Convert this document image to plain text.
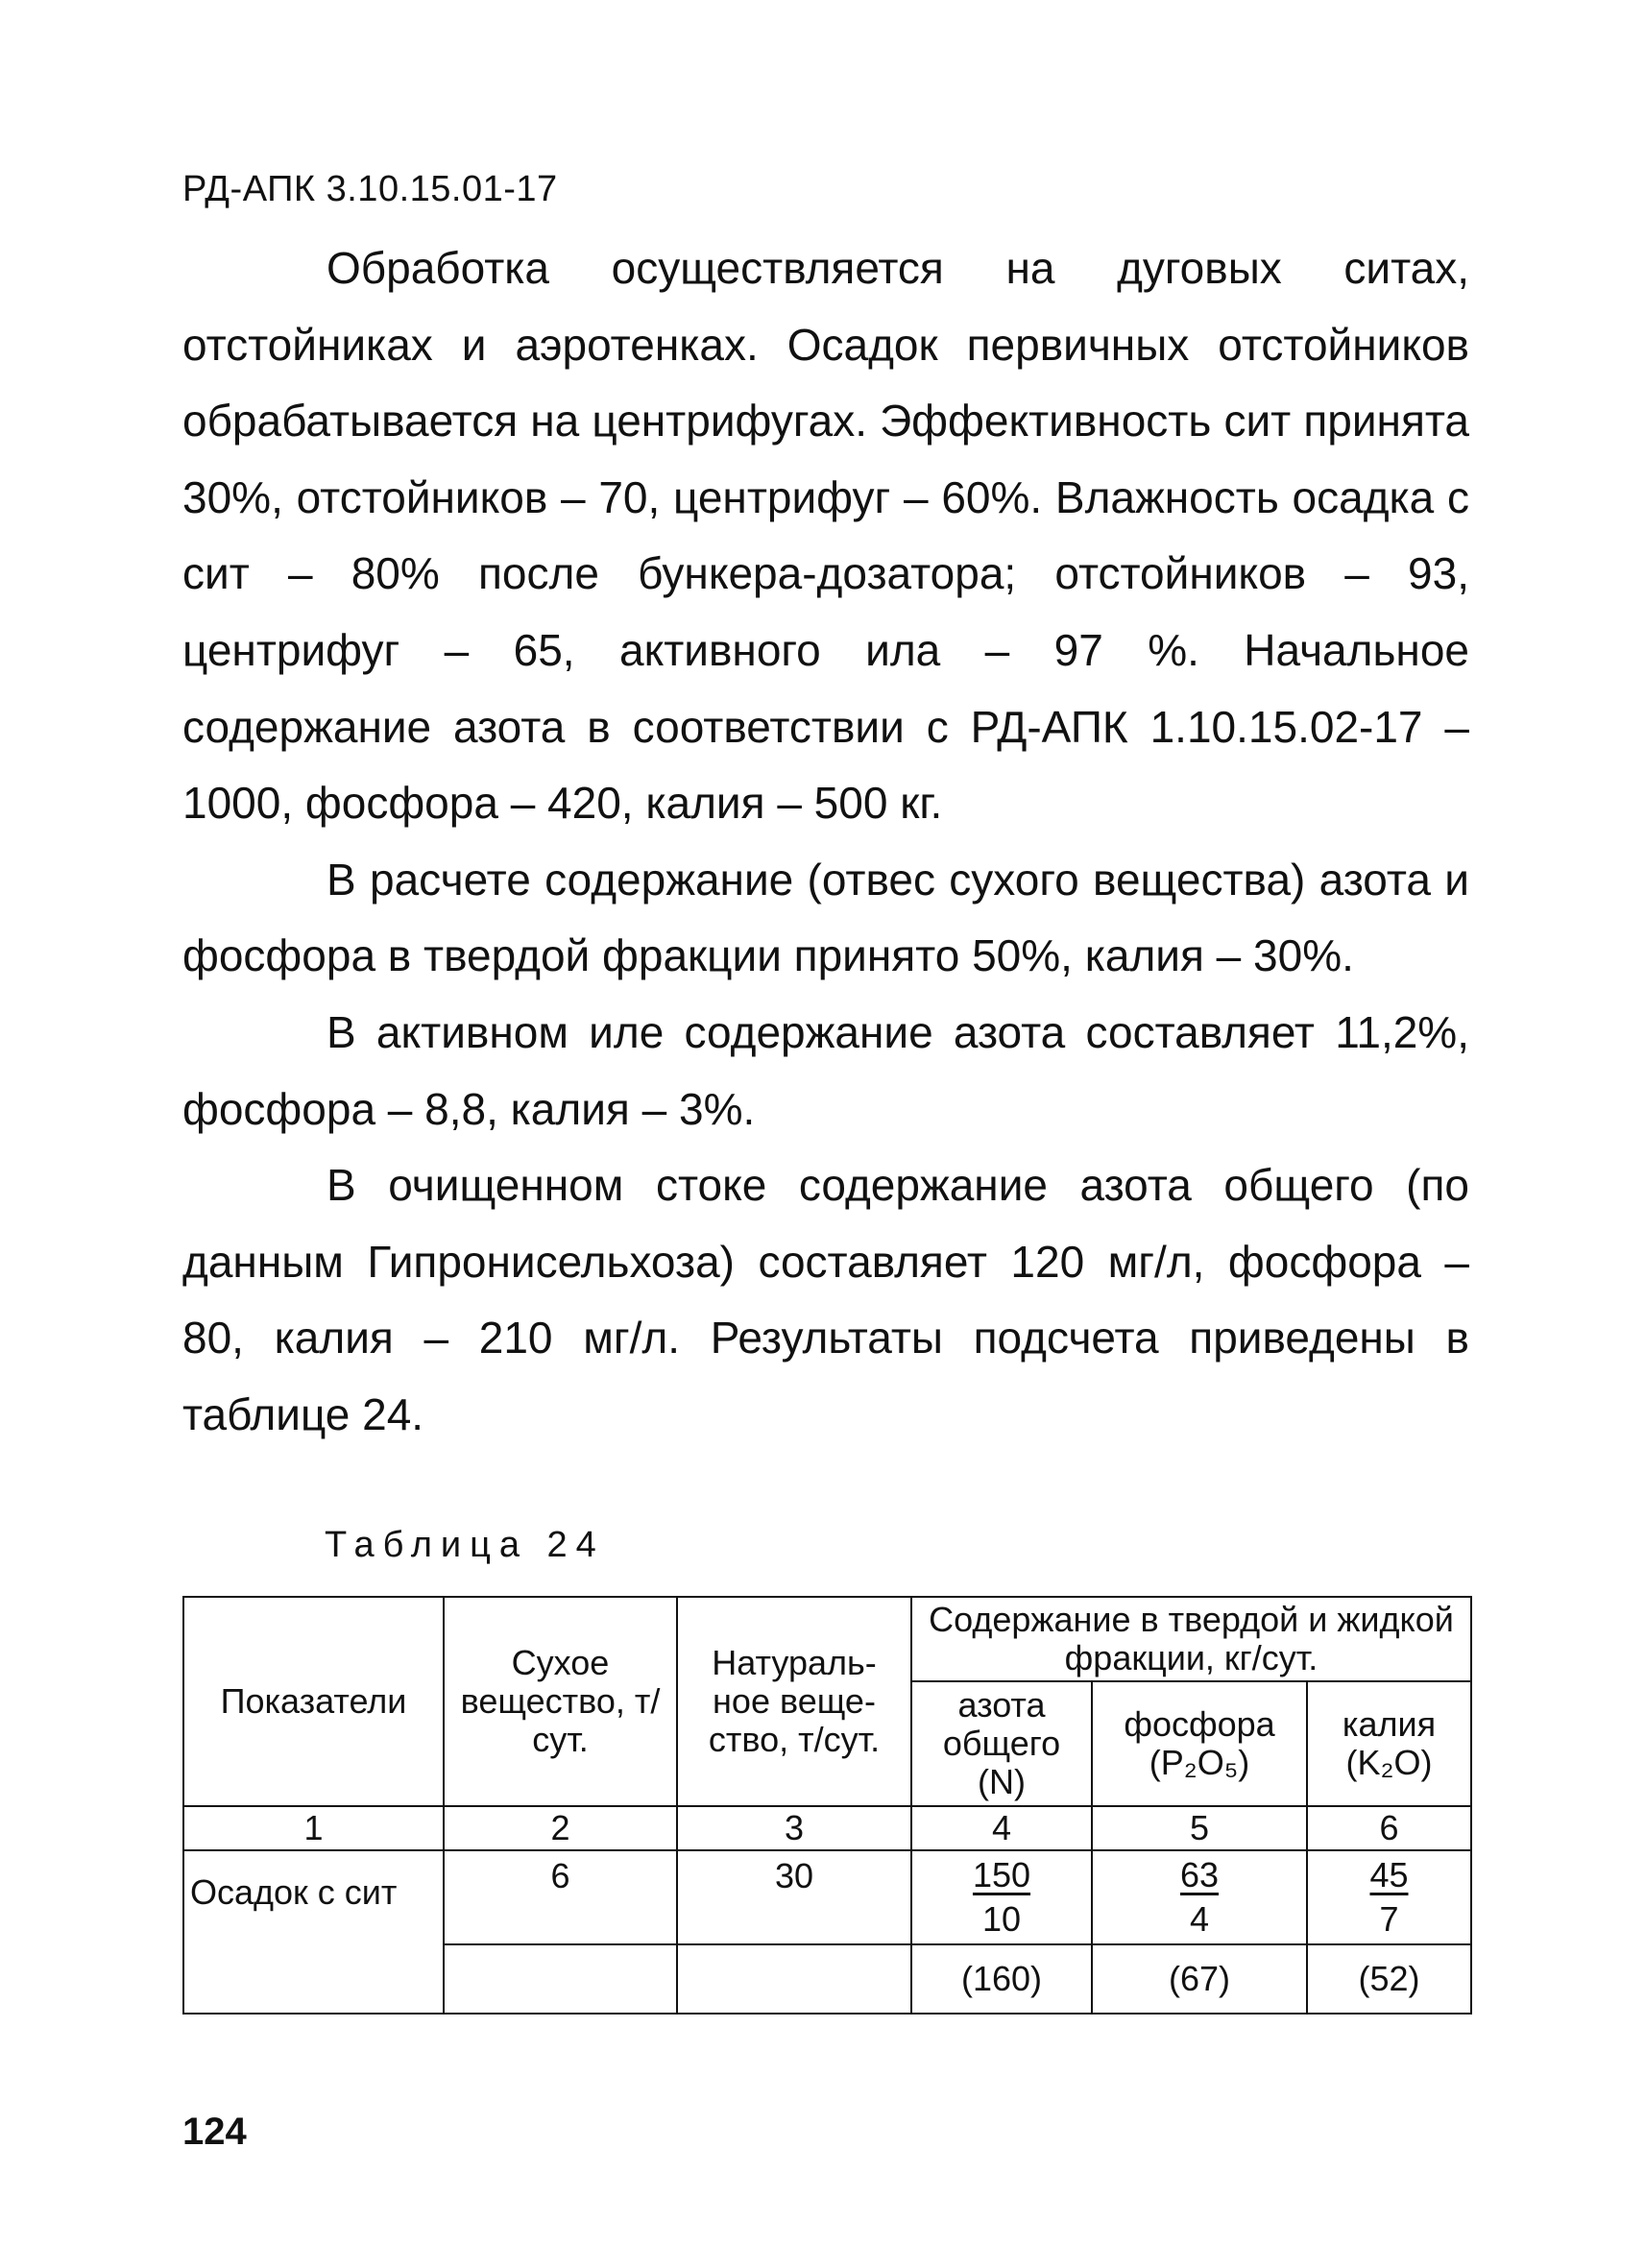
РД-АПК 3.10.15.01-17

Обработка осуществляется на дуговых ситах, отстойниках и аэротенках. Осадок первичных отстойников обрабатывается на центрифугах. Эффективность сит принята 30%, отстойников – 70, центрифуг – 60%. Влажность осадка с сит – 80% после бункера-дозатора; отстойников – 93, центрифуг – 65, активного ила – 97 %. Начальное содержание азота в соответствии с РД-АПК 1.10.15.02-17 – 1000, фосфора – 420, калия – 500 кг.

В расчете содержание (отвес сухого вещества) азота и фосфора в твердой фракции принято 50%, калия – 30%.

В активном иле содержание азота составляет 11,2%, фосфора – 8,8, калия – 3%.

В очищенном стоке содержание азота общего (по данным Гипронисельхоза) составляет 120 мг/л, фосфора – 80, калия – 210 мг/л. Результаты подсчета приведены в таблице 24.

Таблица 24
Показатели	Сухое вещество, т/сут.	Натураль-ное веще-ство, т/сут.	Содержание в твердой и жидкой фракции, кг/сут.		
			азота общего (N)	фосфора (P₂O₅)	калия (K₂O)
1	2	3	4	5	6
Осадок с сит	6	30	$\frac{150}{10}$	$\frac{63}{4}$	$\frac{45}{7}$
			(160)	(67)	(52)
124
